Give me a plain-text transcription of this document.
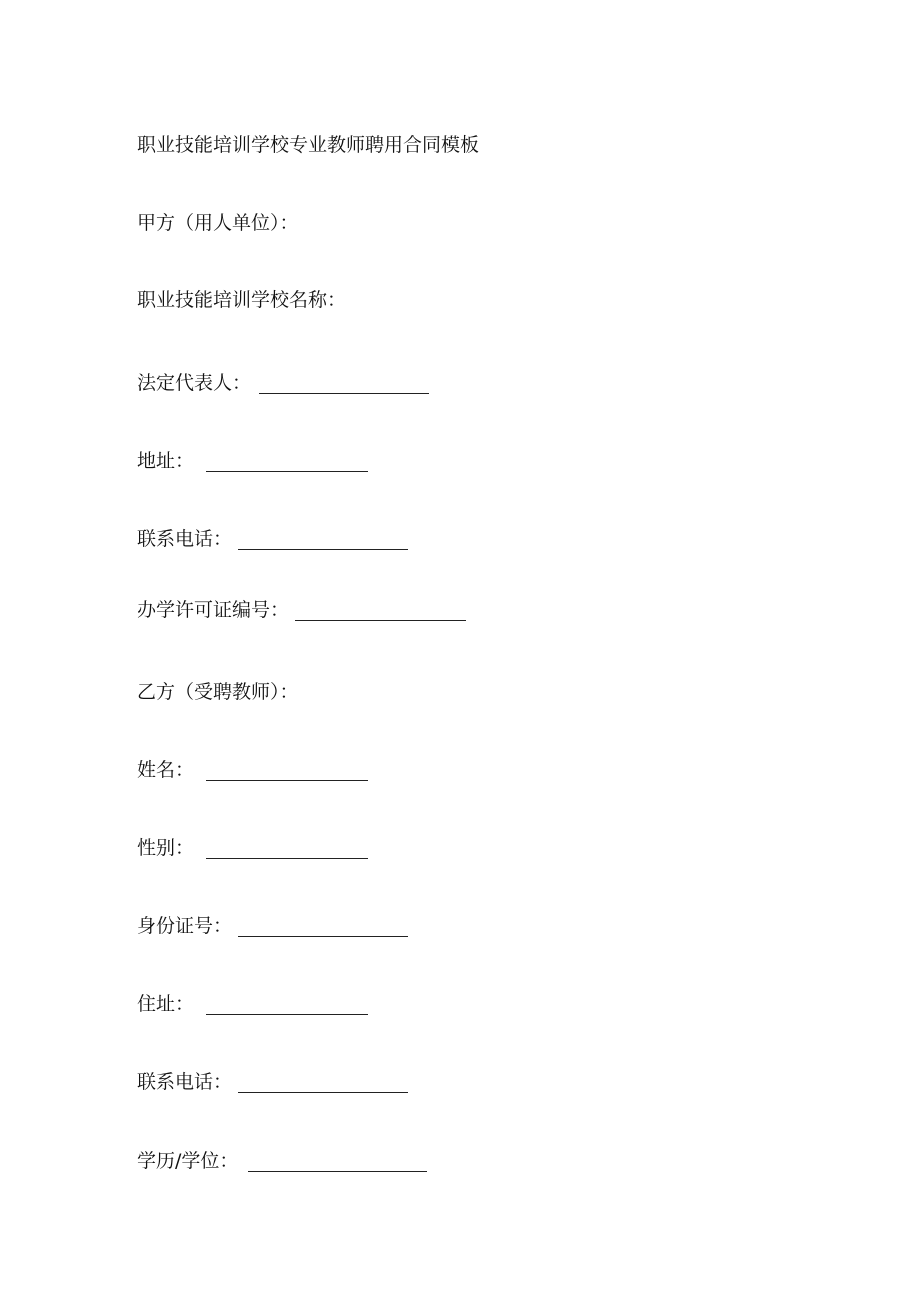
职业技能培训学校专业教师聘用合同模板
甲方（用人单位）：
职业技能培训学校名称：
法定代表人：
地址：
联系电话：
办学许可证编号：
乙方（受聘教师）：
姓名：
性别：
身份证号：
住址：
联系电话：
学历/学位：
